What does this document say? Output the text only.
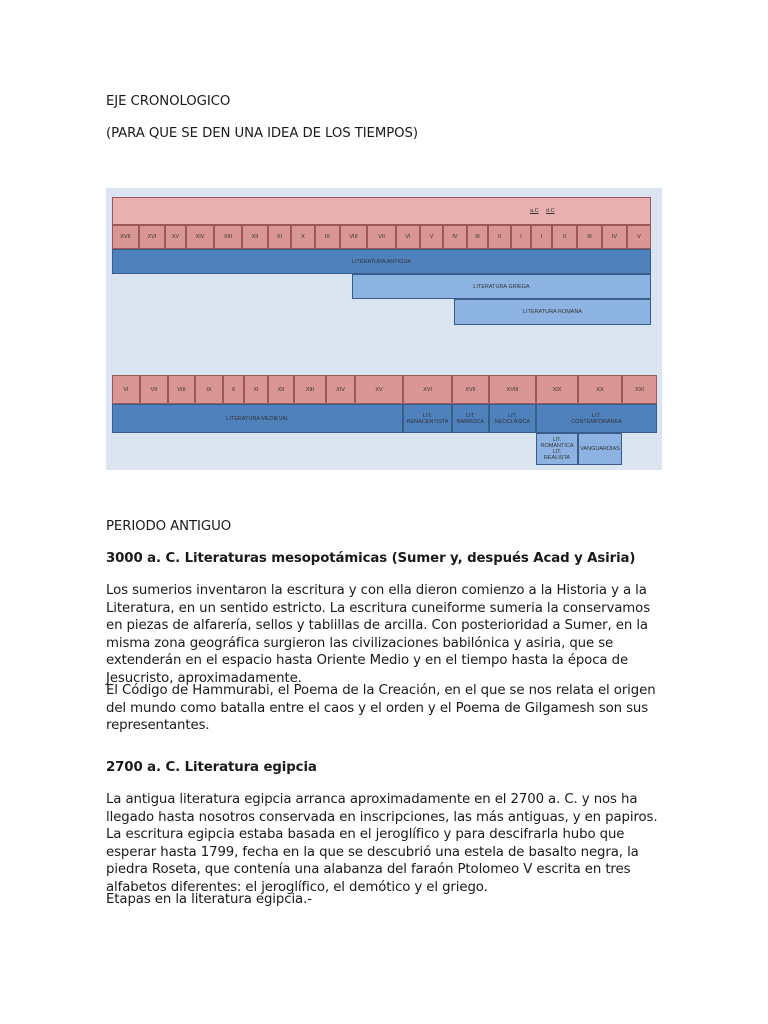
EJE CRONOLOGICO
(PARA QUE SE DEN UNA IDEA DE LOS TIEMPOS)
a.C d.C
XVII	XVI	XV	XIV	XIII	XII	XI	X	IX	VIII	VII	VI	V	IV	III	II	I	I	II	III	IV	V
LITERATURA ANTIGUA
LITERATURA GRIEGA
LITERATURA ROMANA
VI	VII	VIII	IX	X	XI	XII	XIII	XIV	XV	XVI	XVII	XVIII	XIX	XX	XXI
LITERATURA MEDIEVAL	LIT.
RENACENTISTA
LIT.
BARROCA
LIT.
NEOCLÁSICA
LIT.
CONTEMPORÁNEA
LIT.
ROMÁNTICA
LIT.
REALISTA
VANGUARDIAS
PERIODO ANTIGUO
3000 a. C. Literaturas mesopotámicas (Sumer y, después Acad y Asiria)
Los sumerios inventaron la escritura y con ella dieron comienzo a la Historia y a la Literatura, en un sentido estricto. La escritura cuneiforme sumeria la conservamos en piezas de alfarería, sellos y tablillas de arcilla. Con posterioridad a Sumer, en la misma zona geográfica surgieron las civilizaciones babilónica y asiria, que se extenderán en el espacio hasta Oriente Medio y en el tiempo hasta la época de Jesucristo, aproximadamente.
El Código de Hammurabi, el Poema de la Creación, en el que se nos relata el origen del mundo como batalla entre el caos y el orden y el Poema de Gilgamesh son sus representantes.
2700 a. C. Literatura egipcia
La antigua literatura egipcia arranca aproximadamente en el 2700 a. C. y nos ha llegado hasta nosotros conservada en inscripciones, las más antiguas, y en papiros. La escritura egipcia estaba basada en el jeroglífico y para descifrarla hubo que esperar hasta 1799, fecha en la que se descubrió una estela de basalto negra, la piedra Roseta, que contenía una alabanza del faraón Ptolomeo V escrita en tres alfabetos diferentes: el jeroglífico, el demótico y el griego.
Etapas en la literatura egipcia.-
